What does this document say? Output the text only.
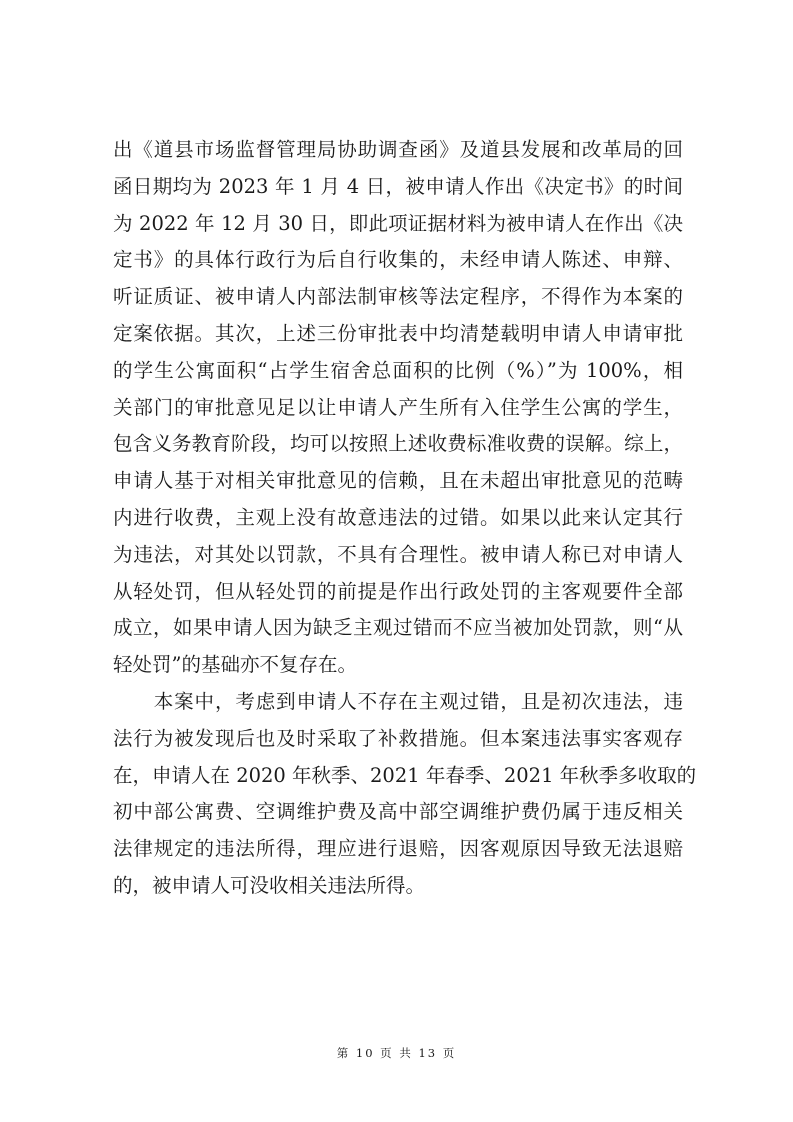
出《道县市场监督管理局协助调查函》及道县发展和改革局的回
函日期均为 2023 年 1 月 4 日，被申请人作出《决定书》的时间
为 2022 年 12 月 30 日，即此项证据材料为被申请人在作出《决
定书》的具体行政行为后自行收集的，未经申请人陈述、申辩、
听证质证、被申请人内部法制审核等法定程序，不得作为本案的
定案依据。其次，上述三份审批表中均清楚载明申请人申请审批
的学生公寓面积“占学生宿舍总面积的比例（%）”为 100%，相
关部门的审批意见足以让申请人产生所有入住学生公寓的学生，
包含义务教育阶段，均可以按照上述收费标准收费的误解。综上，
申请人基于对相关审批意见的信赖，且在未超出审批意见的范畴
内进行收费，主观上没有故意违法的过错。如果以此来认定其行
为违法，对其处以罚款，不具有合理性。被申请人称已对申请人
从轻处罚，但从轻处罚的前提是作出行政处罚的主客观要件全部
成立，如果申请人因为缺乏主观过错而不应当被加处罚款，则“从
轻处罚”的基础亦不复存在。
　　本案中，考虑到申请人不存在主观过错，且是初次违法，违
法行为被发现后也及时采取了补救措施。但本案违法事实客观存
在，申请人在 2020 年秋季、2021 年春季、2021 年秋季多收取的
初中部公寓费、空调维护费及高中部空调维护费仍属于违反相关
法律规定的违法所得，理应进行退赔，因客观原因导致无法退赔
的，被申请人可没收相关违法所得。
第 10 页 共 13 页
